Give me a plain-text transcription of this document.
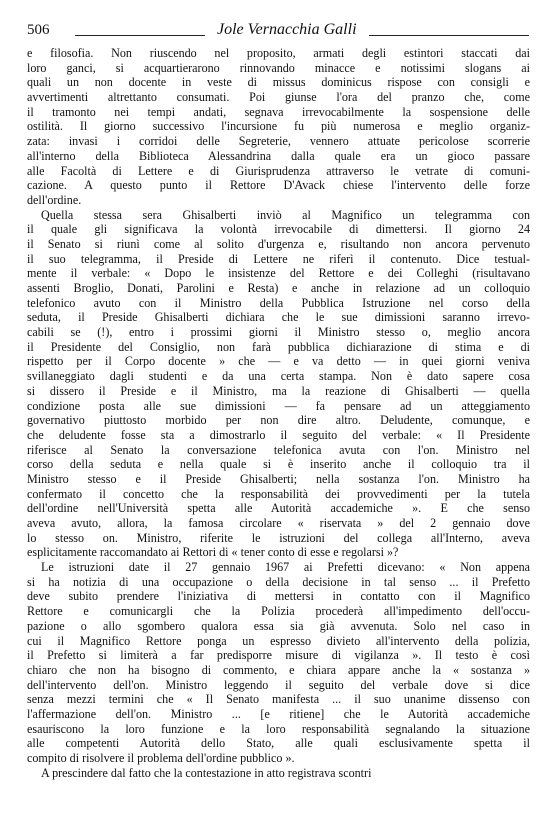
506	Jole Vernacchia Galli
e filosofia. Non riuscendo nel proposito, armati degli estintori staccati dai
loro ganci, si acquartierarono rinnovando minacce e notissimi slogans ai
quali un non docente in veste di missus dominicus rispose con consigli e
avvertimenti altrettanto consumati. Poi giunse l'ora del pranzo che, come
il tramonto nei tempi andati, segnava irrevocabilmente la sospensione delle
ostilità. Il giorno successivo l'incursione fu più numerosa e meglio organiz-
zata: invasi i corridoi delle Segreterie, vennero attuate pericolose scorrerie
all'interno della Biblioteca Alessandrina dalla quale era un gioco passare
alle Facoltà di Lettere e di Giurisprudenza attraverso le vetrate di comuni-
cazione. A questo punto il Rettore D'Avack chiese l'intervento delle forze
dell'ordine.
Quella stessa sera Ghisalberti inviò al Magnifico un telegramma con
il quale gli significava la volontà irrevocabile di dimettersi. Il giorno 24
il Senato si riunì come al solito d'urgenza e, risultando non ancora pervenuto
il suo telegramma, il Preside di Lettere ne riferì il contenuto. Dice testual-
mente il verbale: « Dopo le insistenze del Rettore e dei Colleghi (risultavano
assenti Broglio, Donati, Parolini e Resta) e anche in relazione ad un colloquio
telefonico avuto con il Ministro della Pubblica Istruzione nel corso della
seduta, il Preside Ghisalberti dichiara che le sue dimissioni saranno irrevo-
cabili se (!), entro i prossimi giorni il Ministro stesso o, meglio ancora
il Presidente del Consiglio, non farà pubblica dichiarazione di stima e di
rispetto per il Corpo docente » che — e va detto — in quei giorni veniva
svillaneggiato dagli studenti e da una certa stampa. Non è dato sapere cosa
si dissero il Preside e il Ministro, ma la reazione di Ghisalberti — quella
condizione posta alle sue dimissioni — fa pensare ad un atteggiamento
governativo piuttosto morbido per non dire altro. Deludente, comunque, e
che deludente fosse sta a dimostrarlo il seguito del verbale: « Il Presidente
riferisce al Senato la conversazione telefonica avuta con l'on. Ministro nel
corso della seduta e nella quale si è inserito anche il colloquio tra il
Ministro stesso e il Preside Ghisalberti; nella sostanza l'on. Ministro ha
confermato il concetto che la responsabilità dei provvedimenti per la tutela
dell'ordine nell'Università spetta alle Autorità accademiche ». E che senso
aveva avuto, allora, la famosa circolare « riservata » del 2 gennaio dove
lo stesso on. Ministro, riferite le istruzioni del collega all'Interno, aveva
esplicitamente raccomandato ai Rettori di « tener conto di esse e regolarsi »?
Le istruzioni date il 27 gennaio 1967 ai Prefetti dicevano: « Non appena
si ha notizia di una occupazione o della decisione in tal senso ... il Prefetto
deve subito prendere l'iniziativa di mettersi in contatto con il Magnifico
Rettore e comunicargli che la Polizia procederà all'impedimento dell'occu-
pazione o allo sgombero qualora essa sia già avvenuta. Solo nel caso in
cui il Magnifico Rettore ponga un espresso divieto all'intervento della polizia,
il Prefetto si limiterà a far predisporre misure di vigilanza ». Il testo è così
chiaro che non ha bisogno di commento, e chiara appare anche la « sostanza »
dell'intervento dell'on. Ministro leggendo il seguito del verbale dove si dice
senza mezzi termini che « Il Senato manifesta ... il suo unanime dissenso con
l'affermazione dell'on. Ministro ... [e ritiene] che le Autorità accademiche
esauriscono la loro funzione e la loro responsabilità segnalando la situazione
alle competenti Autorità dello Stato, alle quali esclusivamente spetta il
compito di risolvere il problema dell'ordine pubblico ».
A prescindere dal fatto che la contestazione in atto registrava scontri
